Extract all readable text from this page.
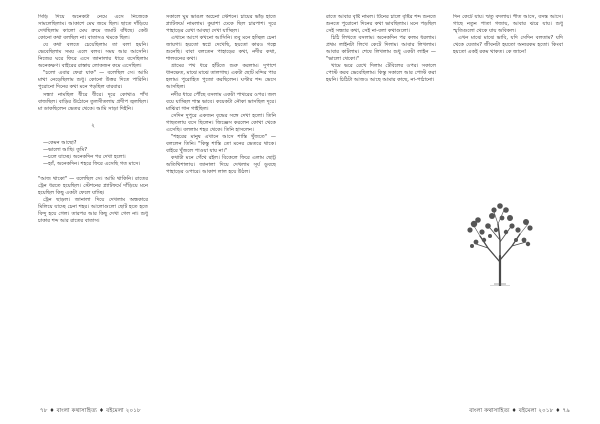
সিঁড়ি দিয়ে অনেকটা নেমে এসে নিজেকে সামলেছিলাম। আকাশে মেঘ জমে ছিল। ছাতে দাঁড়িয়ে দেখছিলাম কালো মেঘ ক্রমে জমাট বাঁধছে। কেউ কোনো কথা বলছিল না। বাতাসও থমকে ছিল।

যে কথা বলতে চেয়েছিলাম তা বলা হয়নি। ভেবেছিলাম সময় এলে বলব। সময় আর আসেনি। নিজের ঘরে ফিরে এসে জানালার ধারে বসেছিলাম অনেকক্ষণ। বাইরের রাস্তায় লোকজন কমে এসেছিল।

"চলো এবার ফেরা যাক" — বলেছিল সে। আমি মাথা নেড়েছিলাম শুধু। কোনো উত্তর দিতে পারিনি। পুরোনো দিনের কথা মনে পড়ছিল বারবার।

সন্ধ্যা নামছিল ধীরে ধীরে। দূরে কোথাও শাঁখ বাজছিল। বাড়ির উঠোনে তুলসীতলায় প্রদীপ জ্বলছিল। মা ডাকছিলেন ভেতর থেকে। আমি সাড়া দিইনি।

২

—কেমন আছো?

—ভালো আছি। তুমি?

—চলে যাচ্ছে। অনেকদিন পর দেখা হলো।

—হ্যাঁ, অনেকদিন। শহরে ফিরে এসেছি গত মাসে।

"আজ থাকো" — বলেছিল সে। আমি থাকিনি। রাতের ট্রেন ধরতে হয়েছিল। স্টেশনের প্ল্যাটফর্মে দাঁড়িয়ে মনে হয়েছিল কিছু একটা ফেলে যাচ্ছি।

ট্রেন ছাড়ল। জানালা দিয়ে দেখলাম অন্ধকারে মিলিয়ে যাচ্ছে চেনা শহর। আলোগুলো ছোট হতে হতে বিন্দু হয়ে গেল। তারপর আর কিছু দেখা গেল না। শুধু চাকার শব্দ আর রাতের বাতাস।

সকালে ঘুম ভাঙল অচেনা স্টেশনে। চায়ের ভাঁড় হাতে প্ল্যাটফর্মে নামলাম। কুয়াশা ঢেকে ছিল চারপাশ। দূরে পাহাড়ের রেখা আবছা দেখা যাচ্ছিল।

এখানে আগে কখনো আসিনি। তবু মনে হচ্ছিল চেনা জায়গা। হয়তো স্বপ্নে দেখেছি, হয়তো কারও গল্পে শুনেছি। বাবা বলতেন পাহাড়ের কথা, নদীর কথা, শালবনের কথা।

গ্রামের পথ ধরে হাঁটতে শুরু করলাম। দুপাশে ধানক্ষেত, মাঝে মাঝে তালগাছ। একটা ছোট মন্দির পার হলাম। পুরোহিত পুজো করছিলেন। ঘণ্টার শব্দ ভেসে আসছিল।

নদীর ধারে পৌঁছে বসলাম একটা পাথরের ওপর। জল বয়ে যাচ্ছিল শান্ত ভাবে। কয়েকটা নৌকা ভাসছিল দূরে। মাঝিরা গান গাইছিল।

সেদিন দুপুরে একজন বৃদ্ধের সঙ্গে দেখা হলো। তিনি গাছতলায় বসে ছিলেন। জিজ্ঞেস করলেন কোথা থেকে এসেছি। বললাম শহর থেকে। তিনি হাসলেন।

"শহরের মানুষ এখানে আসে শান্তি খুঁজতে" — বললেন তিনি। "কিন্তু শান্তি তো মনের ভেতরে থাকে। বাইরে খুঁজলে পাওয়া যায় না।"

কথাটা মনে গেঁথে রইল। বিকেলে ফিরে এলাম ছোট্ট অতিথিশালায়। জানালা দিয়ে দেখলাম সূর্য ডুবছে পাহাড়ের ওপারে। আকাশ লাল হয়ে উঠল।

৭৮ ♦ বাংলা কথাসাহিত্য ♦ বইমেলা ২০১৮

রাতে আবার বৃষ্টি নামল। টিনের চালে বৃষ্টির শব্দ শুনতে শুনতে পুরোনো দিনের কথা ভাবছিলাম। মনে পড়ছিল সেই সন্ধ্যার কথা, সেই না-বলা কথাগুলো।

চিঠি লিখতে বসলাম। অনেকদিন পর কলম ধরলাম। প্রথম লাইনটা লিখে কেটে দিলাম। আবার লিখলাম। আবার কাটলাম। শেষে লিখলাম শুধু একটা লাইন — "ভালো থেকো।"

খামে ভরে রেখে দিলাম টেবিলের ওপর। সকালে পোস্ট করব ভেবেছিলাম। কিন্তু সকালে আর পোস্ট করা হয়নি। চিঠিটা আজও আছে আমার কাছে, না-পাঠানো।

দিন কেটে যায়। ঋতু বদলায়। শীত আসে, বসন্ত আসে। গাছে নতুন পাতা গজায়, আবার ঝরে যায়। শুধু স্মৃতিগুলো থেকে যায় অবিকল।

এখন মাঝে মাঝে ভাবি, যদি সেদিন বলতাম? যদি থেকে যেতাম? জীবনটা হয়তো অন্যরকম হতো। কিংবা হয়তো একই রকম থাকত। কে জানে!

বাংলা কথাসাহিত্য ♦ বইমেলা ২০১৮ ♦ ৭৯
